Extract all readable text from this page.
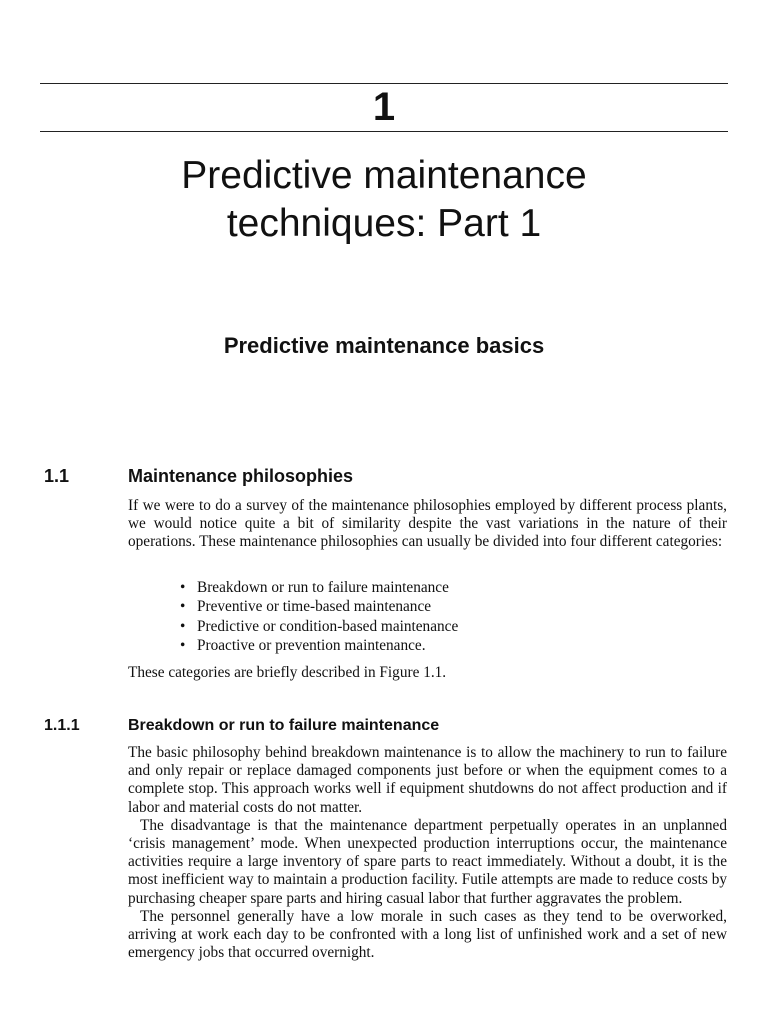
1
Predictive maintenance
techniques: Part 1
Predictive maintenance basics
1.1	Maintenance philosophies

If we were to do a survey of the maintenance philosophies employed by different process plants, we would notice quite a bit of similarity despite the vast variations in the nature of their operations. These maintenance philosophies can usually be divided into four different categories:

• Breakdown or run to failure maintenance
• Preventive or time-based maintenance
• Predictive or condition-based maintenance
• Proactive or prevention maintenance.

These categories are briefly described in Figure 1.1.

1.1.1	Breakdown or run to failure maintenance

The basic philosophy behind breakdown maintenance is to allow the machinery to run to failure and only repair or replace damaged components just before or when the equipment comes to a complete stop. This approach works well if equipment shutdowns do not affect production and if labor and material costs do not matter.

The disadvantage is that the maintenance department perpetually operates in an unplanned ‘crisis management’ mode. When unexpected production interruptions occur, the maintenance activities require a large inventory of spare parts to react immediately. Without a doubt, it is the most inefficient way to maintain a production facility. Futile attempts are made to reduce costs by purchasing cheaper spare parts and hiring casual labor that further aggravates the problem.

The personnel generally have a low morale in such cases as they tend to be overworked, arriving at work each day to be confronted with a long list of unfinished work and a set of new emergency jobs that occurred overnight.
